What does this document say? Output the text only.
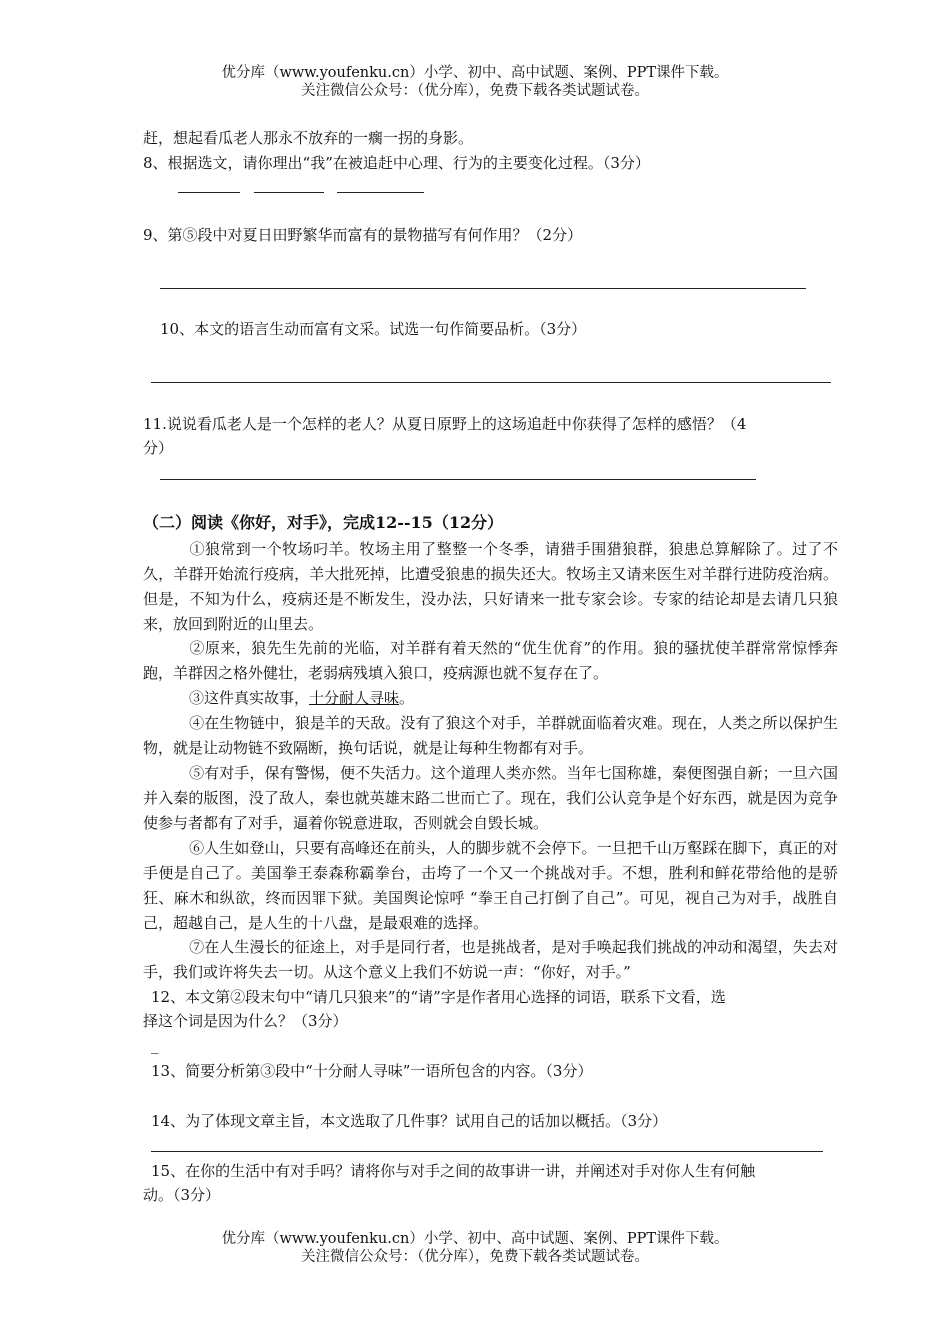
优分库（www.youfenku.cn）小学、初中、高中试题、案例、PPT课件下载。
关注微信公众号：（优分库），免费下载各类试题试卷。
赶，想起看瓜老人那永不放弃的一瘸一拐的身影。
8、根据选文，请你理出“我”在被追赶中心理、行为的主要变化过程。（3分）
9、第⑤段中对夏日田野繁华而富有的景物描写有何作用？（2分）
10、本文的语言生动而富有文采。试选一句作简要品析。（3分）
11.说说看瓜老人是一个怎样的老人？从夏日原野上的这场追赶中你获得了怎样的感悟？（4
分）
（二）阅读《你好，对手》，完成12--15（12分）
①狼常到一个牧场叼羊。牧场主用了整整一个冬季，请猎手围猎狼群，狼患总算解除了。过了不久，羊群开始流行疫病，羊大批死掉，比遭受狼患的损失还大。牧场主又请来医生对羊群行进防疫治病。但是，不知为什么，疫病还是不断发生，没办法，只好请来一批专家会诊。专家的结论却是去请几只狼来，放回到附近的山里去。
②原来，狼先生先前的光临，对羊群有着天然的“优生优育”的作用。狼的骚扰使羊群常常惊悸奔跑，羊群因之格外健壮，老弱病残填入狼口，疫病源也就不复存在了。
③这件真实故事，十分耐人寻味。
④在生物链中，狼是羊的天敌。没有了狼这个对手，羊群就面临着灾难。现在，人类之所以保护生物，就是让动物链不致隔断，换句话说，就是让每种生物都有对手。
⑤有对手，保有警惕，便不失活力。这个道理人类亦然。当年七国称雄，秦便图强自新；一旦六国并入秦的版图，没了敌人，秦也就英雄末路二世而亡了。现在，我们公认竞争是个好东西，就是因为竞争使参与者都有了对手，逼着你锐意进取，否则就会自毁长城。
⑥人生如登山，只要有高峰还在前头，人的脚步就不会停下。一旦把千山万壑踩在脚下，真正的对手便是自己了。美国拳王泰森称霸拳台，击垮了一个又一个挑战对手。不想，胜利和鲜花带给他的是骄狂、麻木和纵欲，终而因罪下狱。美国舆论惊呼 “拳王自己打倒了自己”。可见，视自己为对手，战胜自己，超越自己，是人生的十八盘，是最艰难的选择。
⑦在人生漫长的征途上，对手是同行者，也是挑战者，是对手唤起我们挑战的冲动和渴望，失去对手，我们或许将失去一切。从这个意义上我们不妨说一声：“你好，对手。”
12、本文第②段末句中“请几只狼来”的“请”字是作者用心选择的词语，联系下文看，选
择这个词是因为什么？（3分）
_
13、简要分析第③段中“十分耐人寻味”一语所包含的内容。（3分）
14、为了体现文章主旨，本文选取了几件事？试用自己的话加以概括。（3分）
15、在你的生活中有对手吗？请将你与对手之间的故事讲一讲，并阐述对手对你人生有何触
动。（3分）
优分库（www.youfenku.cn）小学、初中、高中试题、案例、PPT课件下载。
关注微信公众号：（优分库），免费下载各类试题试卷。
